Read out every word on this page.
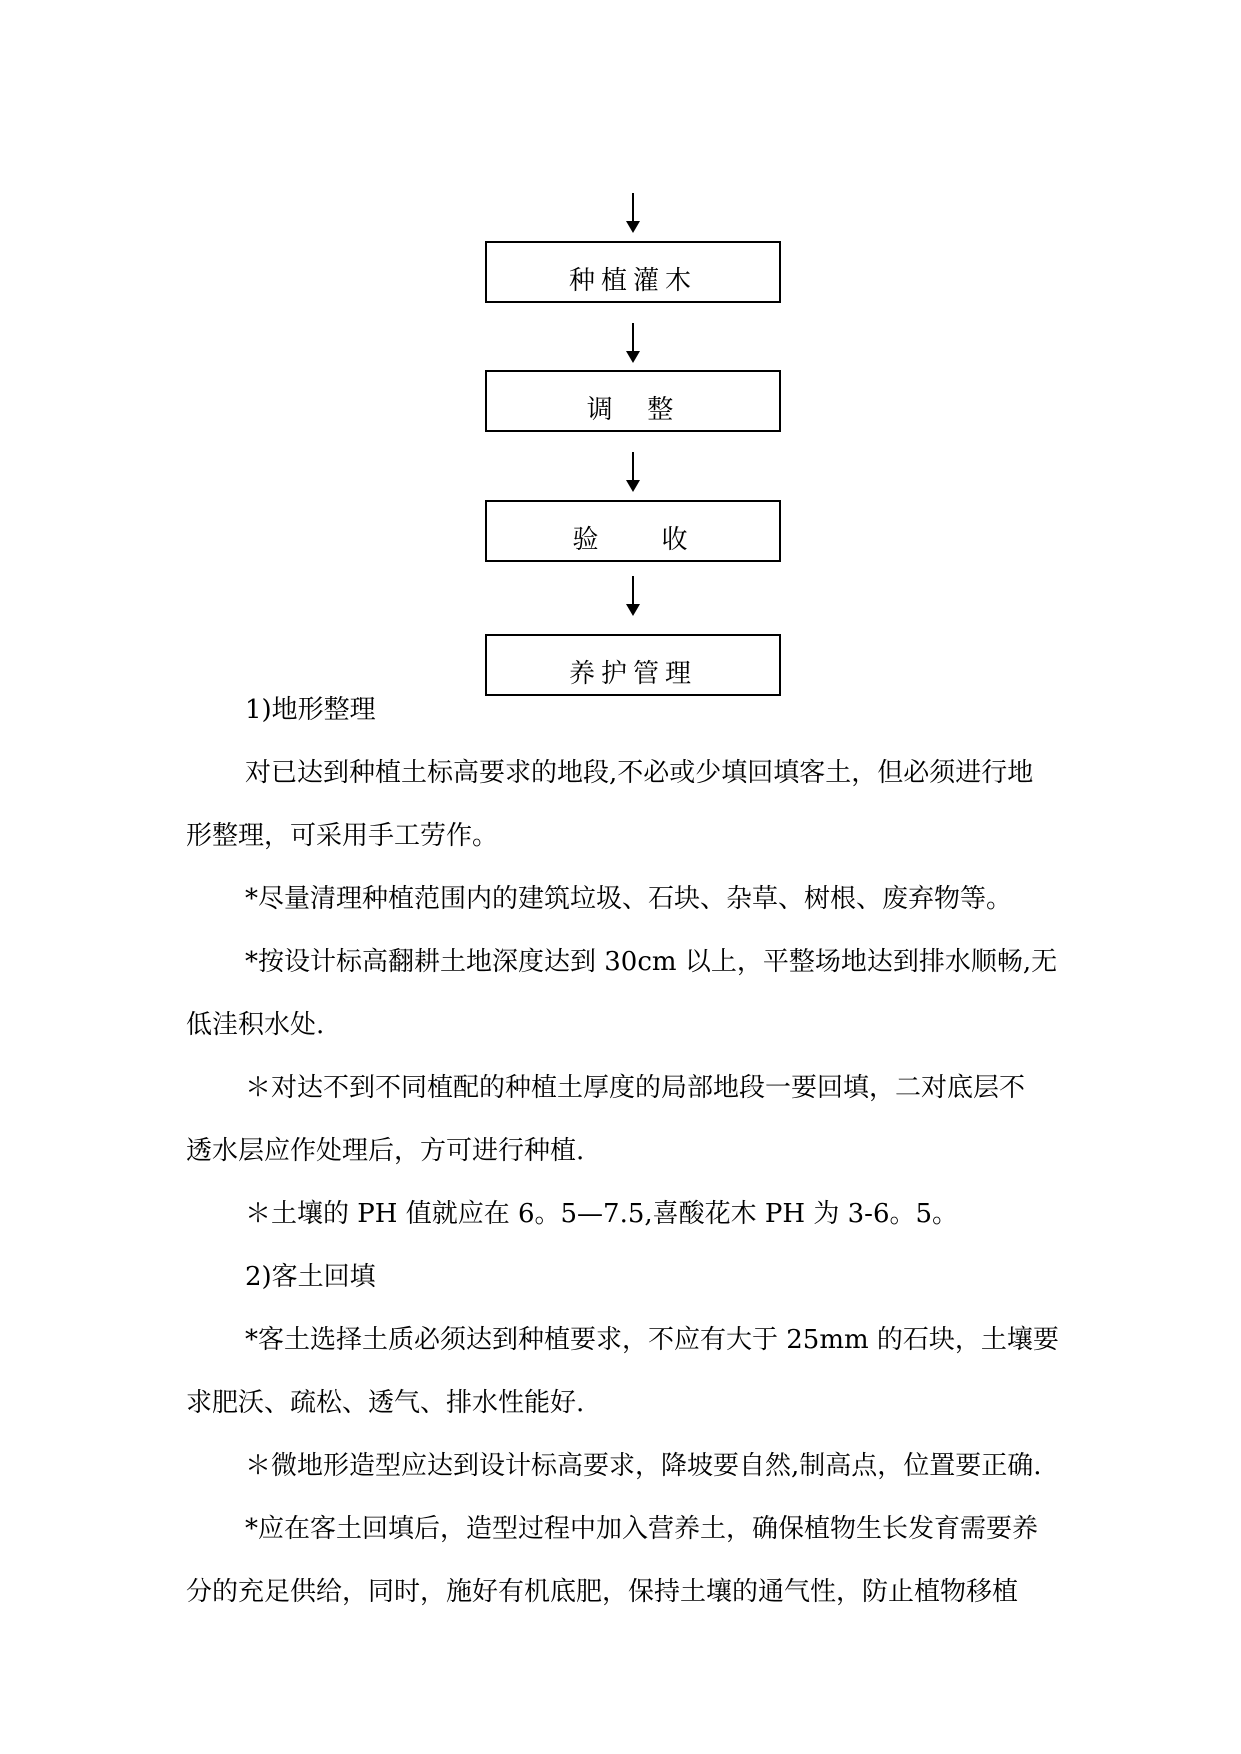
种植灌木
调  整
验    收
养护管理
1)地形整理
对已达到种植土标高要求的地段,不必或少填回填客土，但必须进行地
形整理，可采用手工劳作。
*尽量清理种植范围内的建筑垃圾、石块、杂草、树根、废弃物等。
*按设计标高翻耕土地深度达到 30cm 以上，平整场地达到排水顺畅,无
低洼积水处.
＊对达不到不同植配的种植土厚度的局部地段一要回填，二对底层不
透水层应作处理后，方可进行种植.
＊土壤的 PH 值就应在 6。5—7.5,喜酸花木 PH 为 3-6。5。
2)客土回填
*客土选择土质必须达到种植要求，不应有大于 25mm 的石块，土壤要
求肥沃、疏松、透气、排水性能好.
＊微地形造型应达到设计标高要求，降坡要自然,制高点，位置要正确.
*应在客土回填后，造型过程中加入营养土，确保植物生长发育需要养
分的充足供给，同时，施好有机底肥，保持土壤的通气性，防止植物移植
